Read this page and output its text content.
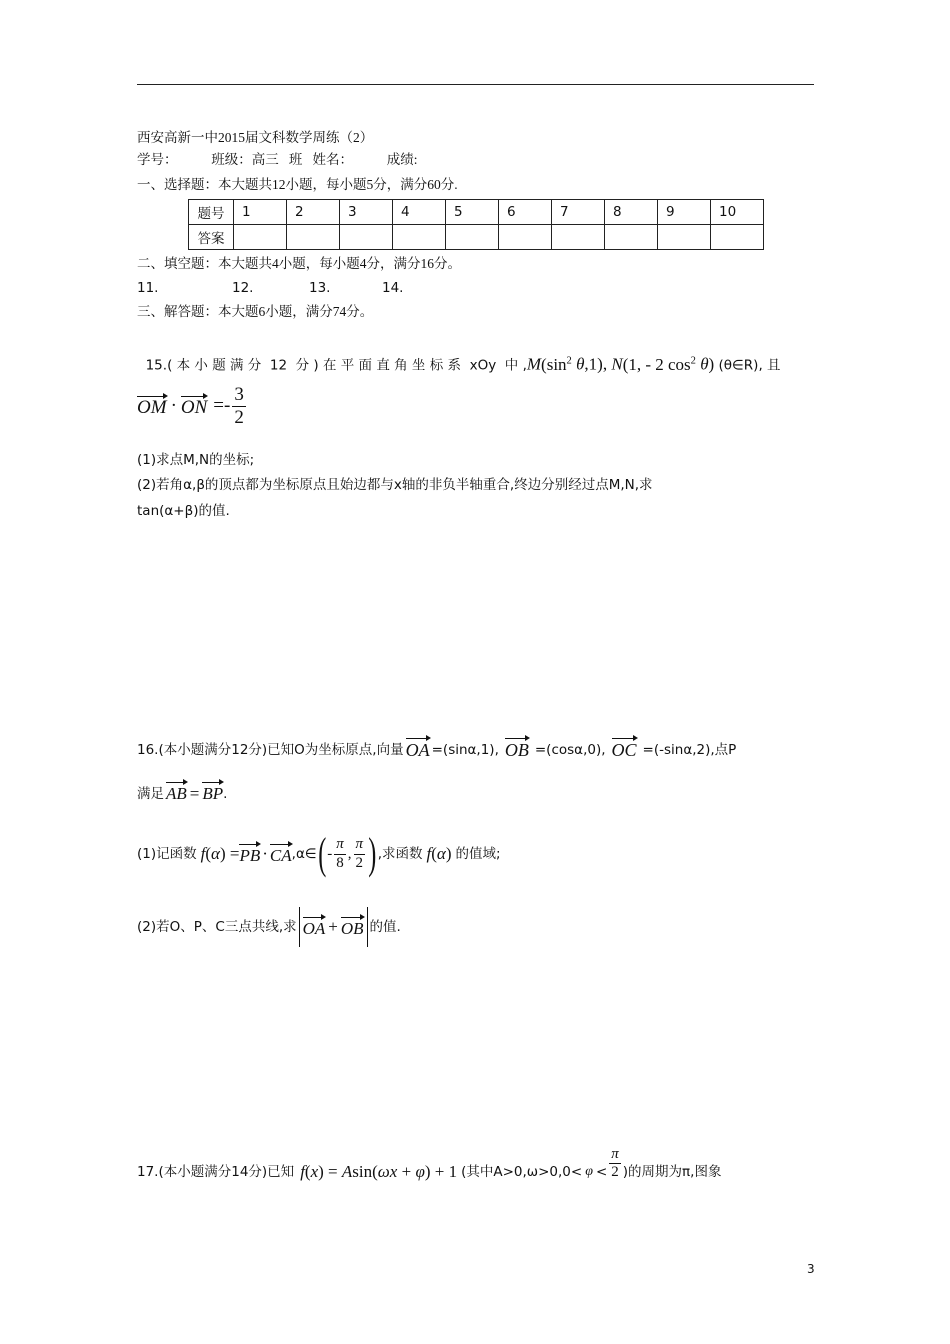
西安高新一中2015届文科数学周练（2）
学号：          班级：高三   班   姓名：          成绩:
一、选择题：本大题共12小题，每小题5分，满分60分.
题号	1	2	3	4	5	6	7	8	9	10
答案										
二、填空题：本大题共4小题，每小题4分，满分16分。
11.	12.	13.	14.
三、解答题：本大题6小题，满分74分。

15.( 本 小 题 满 分  12  分 ) 在 平 面 直 角 坐 标 系  xOy  中 $,M(\sin^2$ θ,1), N(1, - 2 $\cos^2 \theta$) (θ∈R), 且

OM · ON =- $\frac{3}{2}$
(1)求点M,N的坐标;
(2)若角α,β的顶点都为坐标原点且始边都与x轴的非负半轴重合,终边分别经过点M,N,求
tan(α+β)的值.
16.(本小题满分12分)已知O为坐标原点,向量 OA =(sinα,1), OB =(cosα,0), OC =(-sinα,2),点P
满足 AB = BP .
(1)记函数 f(α) = PB · CA ,α∈ ( - $\frac{\pi}{8}$ , $\frac{\pi}{2}$ ) ,求函数 f(α) 的值域;
(2)若O、P、C三点共线,求 OA + OB 的值.
17.(本小题满分14分)已知 f(x) = Asin(ωx + φ) + 1 (其中$A>0,\omega>0,0< \varphi < \frac{\pi}{2}$ )的周期为π,图象
3
